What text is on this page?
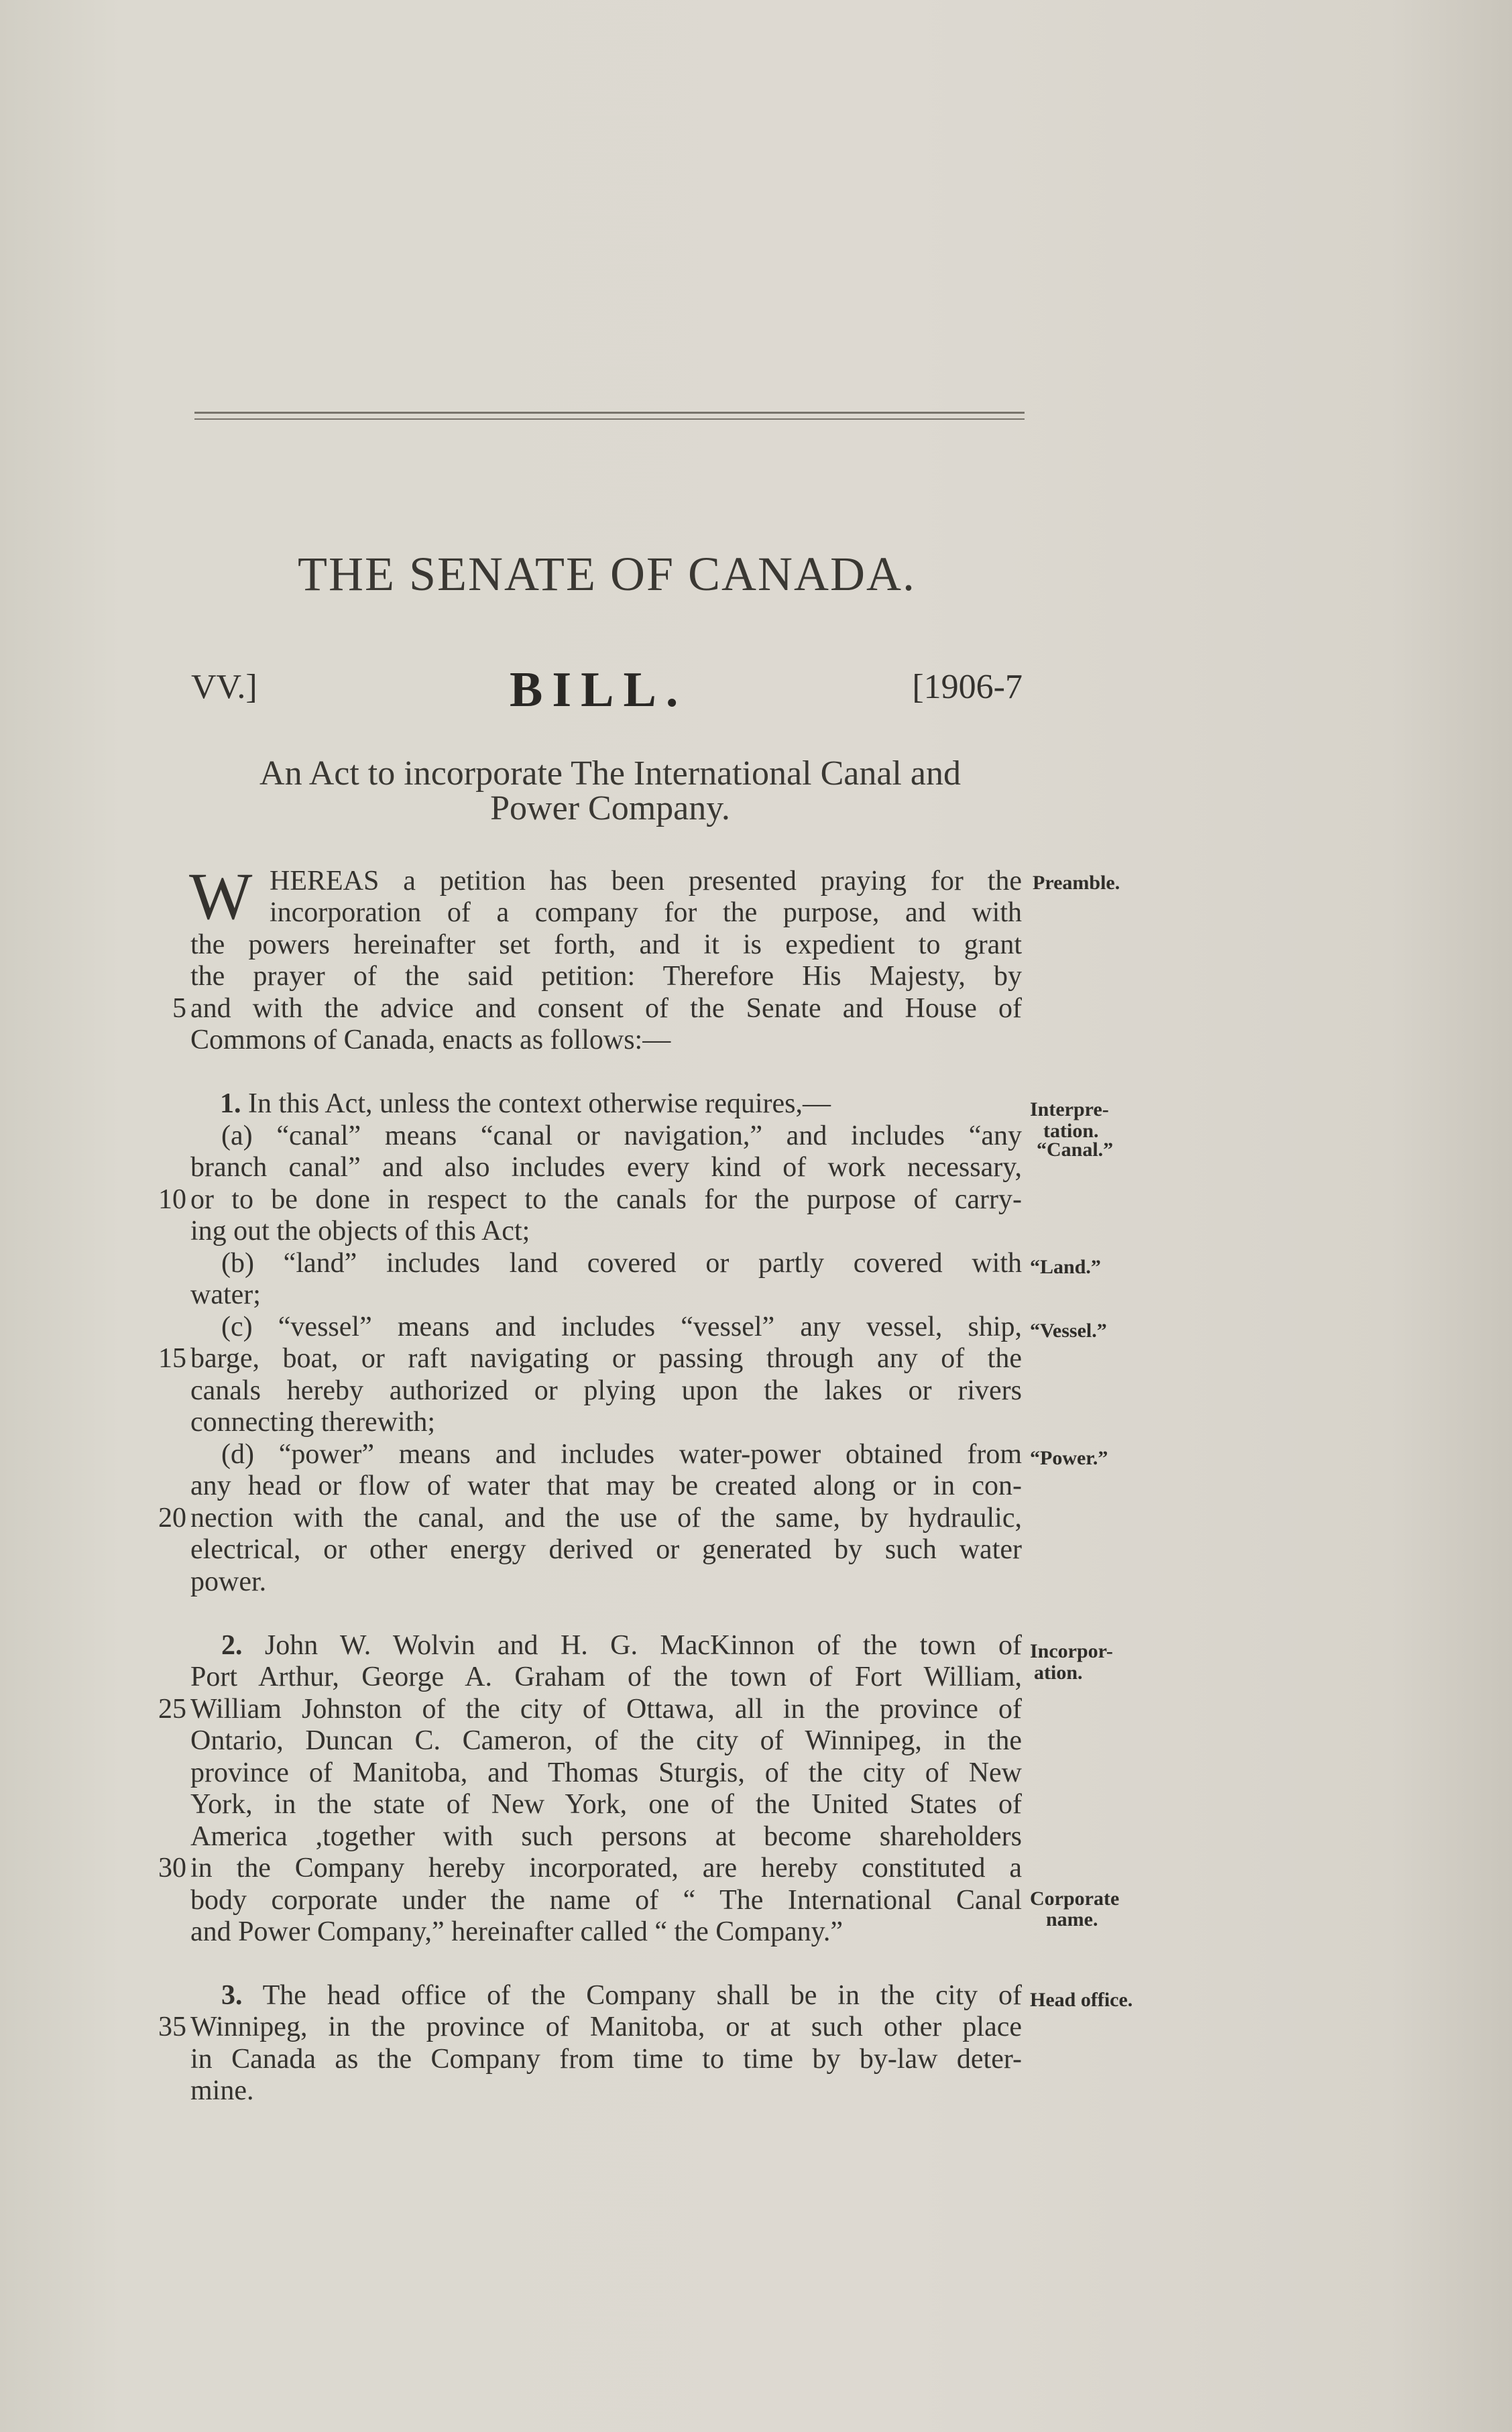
THE SENATE OF CANADA.
VV.]	BILL.	[1906-7
An Act to incorporate The International Canal and
Power Company.
W HEREAS a petition has been presented praying for the
incorporation of a company for the purpose, and with
the powers hereinafter set forth, and it is expedient to grant
the prayer of the said petition: Therefore His Majesty, by
and with the advice and consent of the Senate and House of
Commons of Canada, enacts as follows:—
1. In this Act, unless the context otherwise requires,—
(a) “canal” means “canal or navigation,” and includes “any
branch canal” and also includes every kind of work necessary,
or to be done in respect to the canals for the purpose of carry-
ing out the objects of this Act;
(b) “land” includes land covered or partly covered with
water;
(c) “vessel” means and includes “vessel” any vessel, ship,
barge, boat, or raft navigating or passing through any of the
canals hereby authorized or plying upon the lakes or rivers
connecting therewith;
(d) “power” means and includes water-power obtained from
any head or flow of water that may be created along or in con-
nection with the canal, and the use of the same, by hydraulic,
electrical, or other energy derived or generated by such water
power.
2. John W. Wolvin and H. G. MacKinnon of the town of
Port Arthur, George A. Graham of the town of Fort William,
William Johnston of the city of Ottawa, all in the province of
Ontario, Duncan C. Cameron, of the city of Winnipeg, in the
province of Manitoba, and Thomas Sturgis, of the city of New
York, in the state of New York, one of the United States of
America ,together with such persons at become shareholders
in the Company hereby incorporated, are hereby constituted a
body corporate under the name of “ The International Canal
and Power Company,” hereinafter called “ the Company.”
3. The head office of the Company shall be in the city of
Winnipeg, in the province of Manitoba, or at such other place
in Canada as the Company from time to time by by-law deter-
mine.
5
10
15
20
25
30
35
Preamble.
Interpre-
tation.
“Canal.”
“Land.”
“Vessel.”
“Power.”
Incorpor-
ation.
Corporate
name.
Head office.
